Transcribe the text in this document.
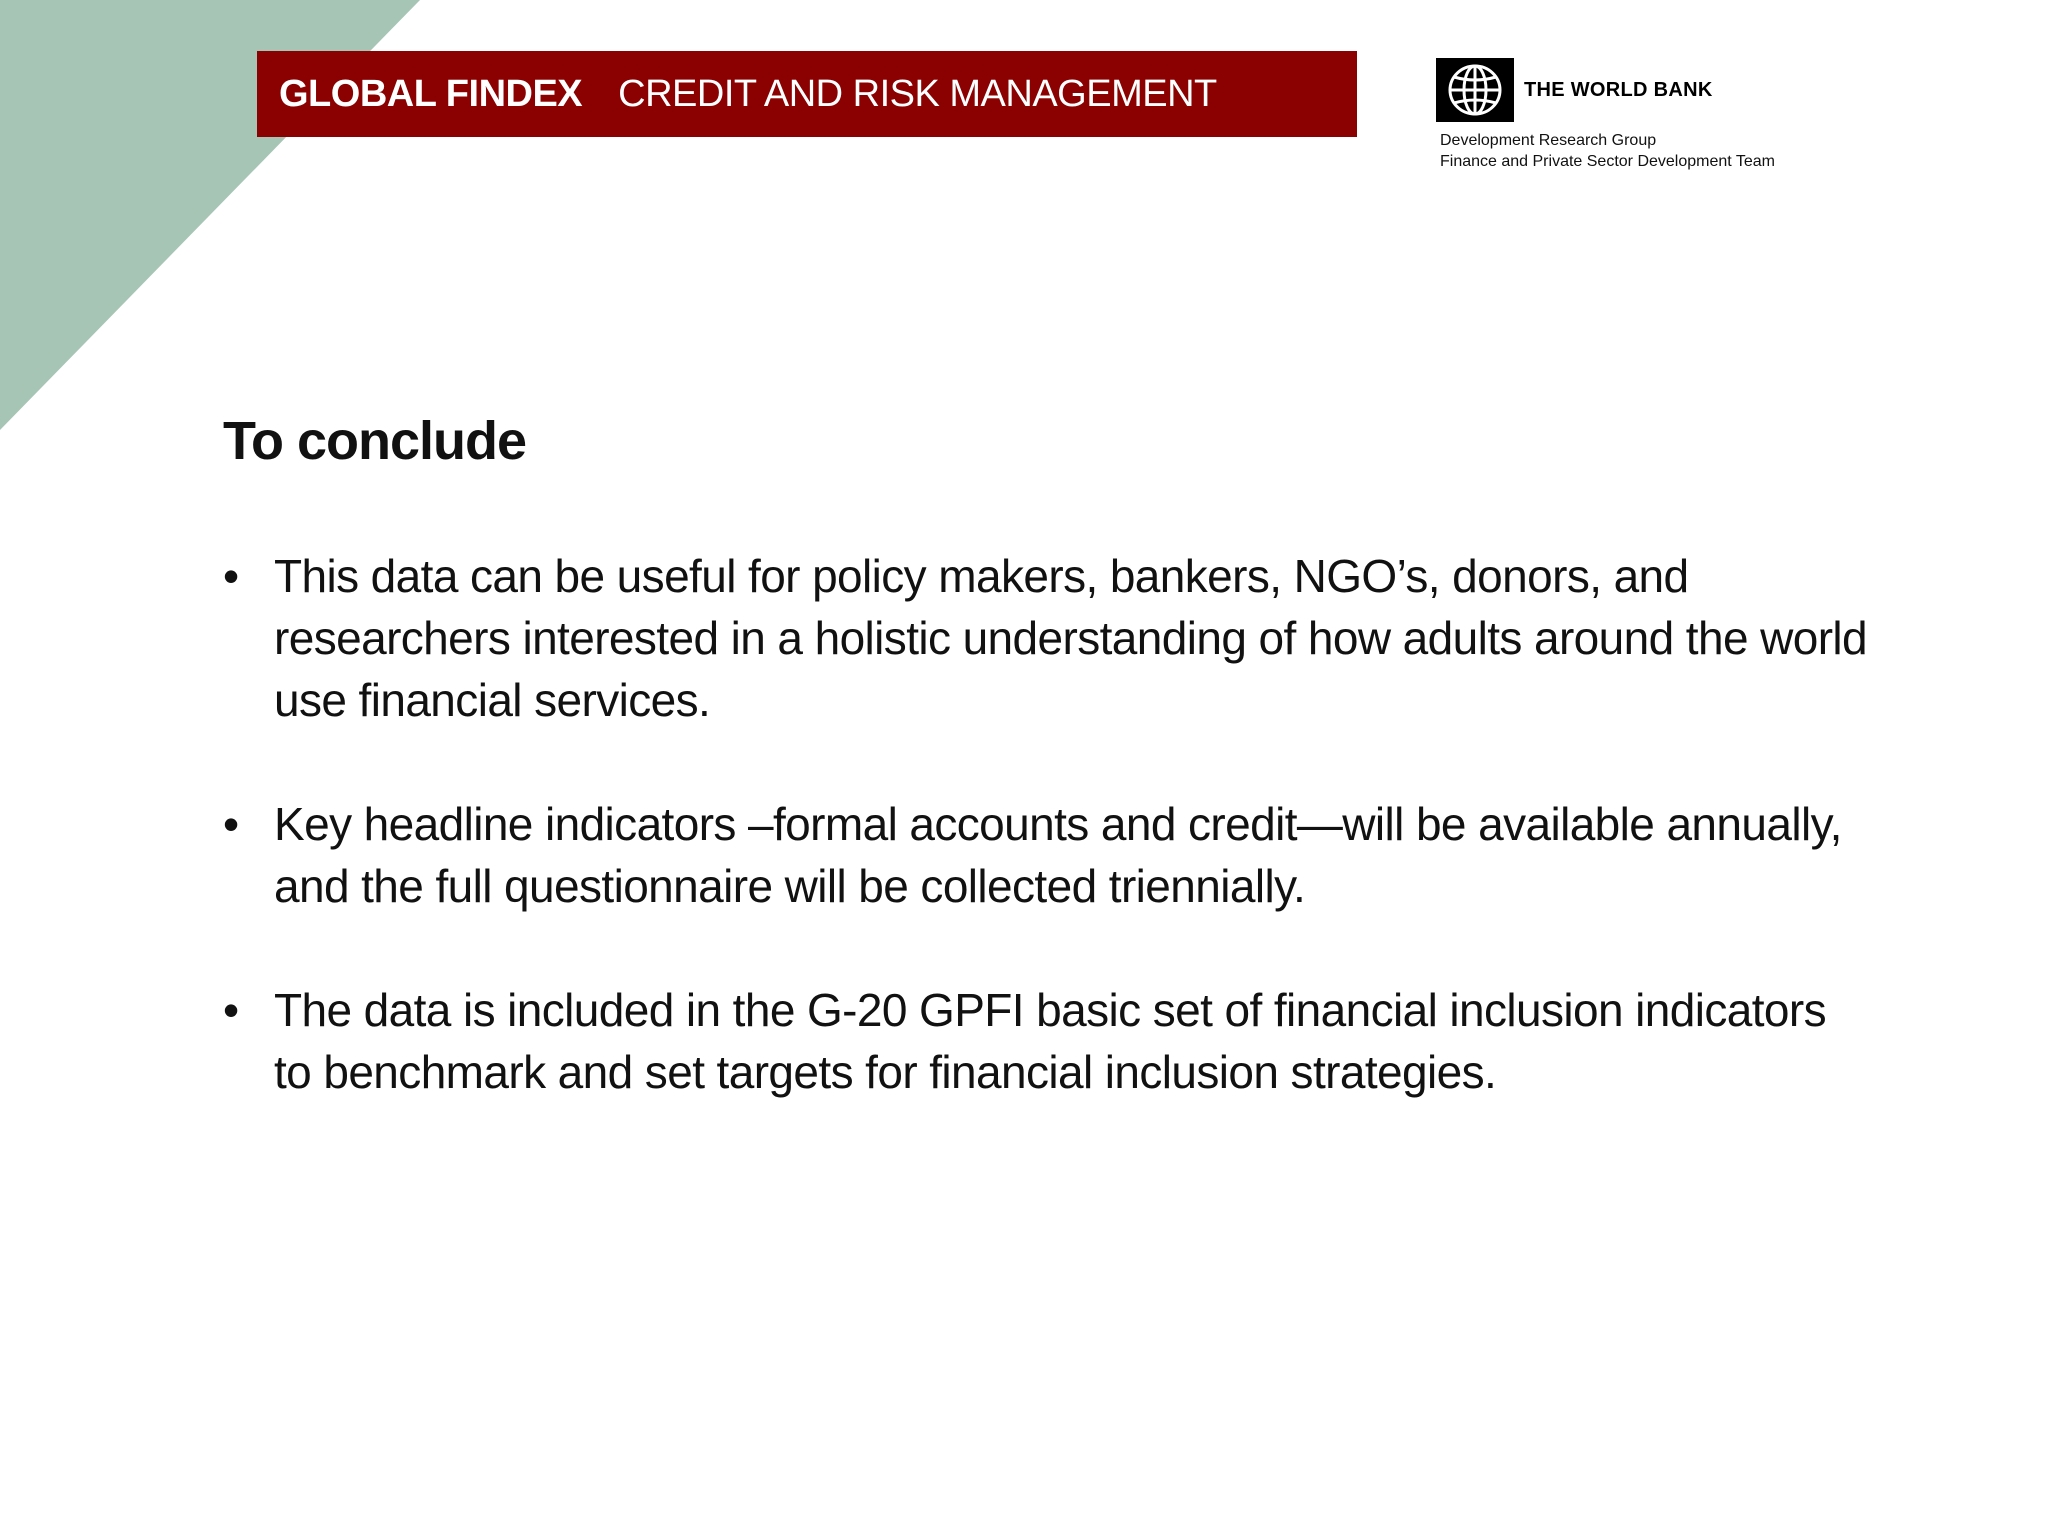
GLOBAL FINDEX CREDIT AND RISK MANAGEMENT	THE WORLD BANK
Development Research Group
Finance and Private Sector Development Team
To conclude
• This data can be useful for policy makers, bankers, NGO’s, donors, and researchers interested in a holistic understanding of how adults around the world use financial services.
• Key headline indicators –formal accounts and credit—will be available annually, and the full questionnaire will be collected triennially.
• The data is included in the G-20 GPFI basic set of financial inclusion indicators to benchmark and set targets for financial inclusion strategies.
